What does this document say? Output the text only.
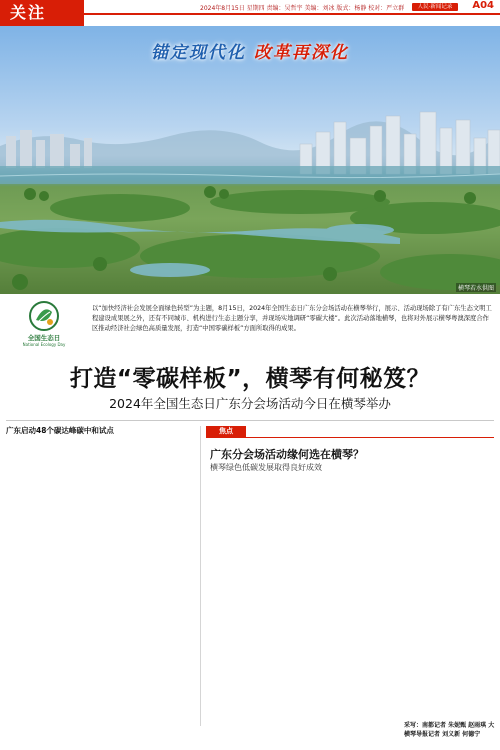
关注	2024年8月15日 星期四 责编：吴哲宇 美编：刘冰 版式：杨静 校对：严立群	人民·新闻记录	A04
锚定现代化 改革再深化
横琴若水供图
全国生态日
National Ecology Day
以“加快经济社会发展全面绿色转型”为主题，8月15日，2024年全国生态日广东分会场活动在横琴举行，展示、活动现场除了有广东生态文明工程建设成果展之外，还有不同城市、机构进行生态主题分享，并现场实地调研“零碳大楼”。此次活动落地横琴，也将对外展示横琴粤澳深度合作区推动经济社会绿色高质量发展，打造“中国零碳样板”方面所取得的成果。
打造“零碳样板”，横琴有何秘笈？
2024年全国生态日广东分会场活动今日在横琴举办
广东启动48个碳达峰碳中和试点	焦点
广东分会场活动缘何选在横琴？
横琴绿色低碳发展取得良好成效
采写：南都记者 朱妮甄 赵雨琪 大横琴导报记者 刘义新 何德宁
